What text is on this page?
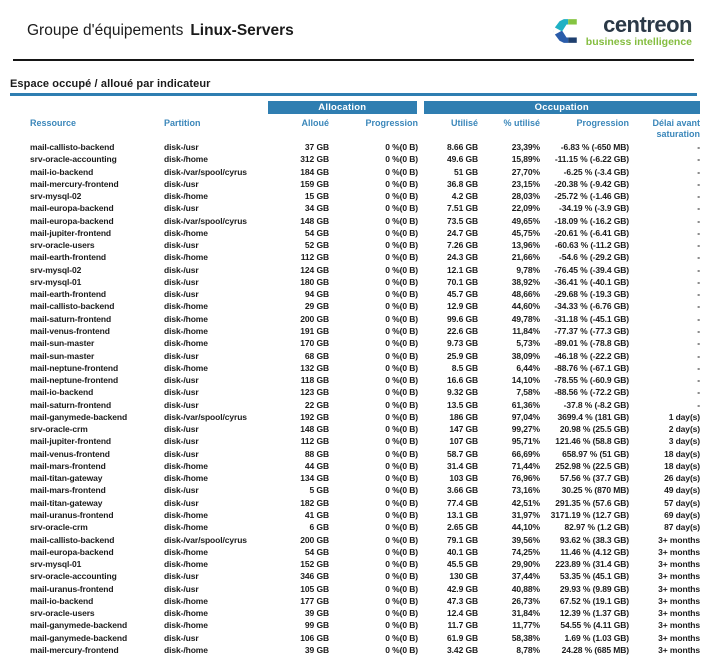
Groupe d'équipements Linux-Servers	centreon
business intelligence
Espace occupé / alloué par indicateur
		Allocation		Occupation			
Ressource	Partition	Alloué	Progression	Utilisé	% utilisé	Progression	Délai avant saturation
mail-callisto-backend	disk-/usr	37 GB	0 %(0 B)	8.66 GB	23,39%	-6.83 % (-650 MB)	-
srv-oracle-accounting	disk-/home	312 GB	0 %(0 B)	49.6 GB	15,89%	-11.15 % (-6.22 GB)	-
mail-io-backend	disk-/var/spool/cyrus	184 GB	0 %(0 B)	51 GB	27,70%	-6.25 % (-3.4 GB)	-
mail-mercury-frontend	disk-/usr	159 GB	0 %(0 B)	36.8 GB	23,15%	-20.38 % (-9.42 GB)	-
srv-mysql-02	disk-/home	15 GB	0 %(0 B)	4.2 GB	28,03%	-25.72 % (-1.46 GB)	-
mail-europa-backend	disk-/usr	34 GB	0 %(0 B)	7.51 GB	22,09%	-34.19 % (-3.9 GB)	-
mail-europa-backend	disk-/var/spool/cyrus	148 GB	0 %(0 B)	73.5 GB	49,65%	-18.09 % (-16.2 GB)	-
mail-jupiter-frontend	disk-/home	54 GB	0 %(0 B)	24.7 GB	45,75%	-20.61 % (-6.41 GB)	-
srv-oracle-users	disk-/usr	52 GB	0 %(0 B)	7.26 GB	13,96%	-60.63 % (-11.2 GB)	-
mail-earth-frontend	disk-/home	112 GB	0 %(0 B)	24.3 GB	21,66%	-54.6 % (-29.2 GB)	-
srv-mysql-02	disk-/usr	124 GB	0 %(0 B)	12.1 GB	9,78%	-76.45 % (-39.4 GB)	-
srv-mysql-01	disk-/usr	180 GB	0 %(0 B)	70.1 GB	38,92%	-36.41 % (-40.1 GB)	-
mail-earth-frontend	disk-/usr	94 GB	0 %(0 B)	45.7 GB	48,66%	-29.68 % (-19.3 GB)	-
mail-callisto-backend	disk-/home	29 GB	0 %(0 B)	12.9 GB	44,60%	-34.33 % (-6.76 GB)	-
mail-saturn-frontend	disk-/home	200 GB	0 %(0 B)	99.6 GB	49,78%	-31.18 % (-45.1 GB)	-
mail-venus-frontend	disk-/home	191 GB	0 %(0 B)	22.6 GB	11,84%	-77.37 % (-77.3 GB)	-
mail-sun-master	disk-/home	170 GB	0 %(0 B)	9.73 GB	5,73%	-89.01 % (-78.8 GB)	-
mail-sun-master	disk-/usr	68 GB	0 %(0 B)	25.9 GB	38,09%	-46.18 % (-22.2 GB)	-
mail-neptune-frontend	disk-/home	132 GB	0 %(0 B)	8.5 GB	6,44%	-88.76 % (-67.1 GB)	-
mail-neptune-frontend	disk-/usr	118 GB	0 %(0 B)	16.6 GB	14,10%	-78.55 % (-60.9 GB)	-
mail-io-backend	disk-/usr	123 GB	0 %(0 B)	9.32 GB	7,58%	-88.56 % (-72.2 GB)	-
mail-saturn-frontend	disk-/usr	22 GB	0 %(0 B)	13.5 GB	61,36%	-37.8 % (-8.2 GB)	-
mail-ganymede-backend	disk-/var/spool/cyrus	192 GB	0 %(0 B)	186 GB	97,04%	3699.4 % (181 GB)	1 day(s)
srv-oracle-crm	disk-/usr	148 GB	0 %(0 B)	147 GB	99,27%	20.98 % (25.5 GB)	2 day(s)
mail-jupiter-frontend	disk-/usr	112 GB	0 %(0 B)	107 GB	95,71%	121.46 % (58.8 GB)	3 day(s)
mail-venus-frontend	disk-/usr	88 GB	0 %(0 B)	58.7 GB	66,69%	658.97 % (51 GB)	18 day(s)
mail-mars-frontend	disk-/home	44 GB	0 %(0 B)	31.4 GB	71,44%	252.98 % (22.5 GB)	18 day(s)
mail-titan-gateway	disk-/home	134 GB	0 %(0 B)	103 GB	76,96%	57.56 % (37.7 GB)	26 day(s)
mail-mars-frontend	disk-/usr	5 GB	0 %(0 B)	3.66 GB	73,16%	30.25 % (870 MB)	49 day(s)
mail-titan-gateway	disk-/usr	182 GB	0 %(0 B)	77.4 GB	42,51%	291.35 % (57.6 GB)	57 day(s)
mail-uranus-frontend	disk-/home	41 GB	0 %(0 B)	13.1 GB	31,97%	3171.19 % (12.7 GB)	69 day(s)
srv-oracle-crm	disk-/home	6 GB	0 %(0 B)	2.65 GB	44,10%	82.97 % (1.2 GB)	87 day(s)
mail-callisto-backend	disk-/var/spool/cyrus	200 GB	0 %(0 B)	79.1 GB	39,56%	93.62 % (38.3 GB)	3+ months
mail-europa-backend	disk-/home	54 GB	0 %(0 B)	40.1 GB	74,25%	11.46 % (4.12 GB)	3+ months
srv-mysql-01	disk-/home	152 GB	0 %(0 B)	45.5 GB	29,90%	223.89 % (31.4 GB)	3+ months
srv-oracle-accounting	disk-/usr	346 GB	0 %(0 B)	130 GB	37,44%	53.35 % (45.1 GB)	3+ months
mail-uranus-frontend	disk-/usr	105 GB	0 %(0 B)	42.9 GB	40,88%	29.93 % (9.89 GB)	3+ months
mail-io-backend	disk-/home	177 GB	0 %(0 B)	47.3 GB	26,73%	67.52 % (19.1 GB)	3+ months
srv-oracle-users	disk-/home	39 GB	0 %(0 B)	12.4 GB	31,84%	12.39 % (1.37 GB)	3+ months
mail-ganymede-backend	disk-/home	99 GB	0 %(0 B)	11.7 GB	11,77%	54.55 % (4.11 GB)	3+ months
mail-ganymede-backend	disk-/usr	106 GB	0 %(0 B)	61.9 GB	58,38%	1.69 % (1.03 GB)	3+ months
mail-mercury-frontend	disk-/home	39 GB	0 %(0 B)	3.42 GB	8,78%	24.28 % (685 MB)	3+ months
